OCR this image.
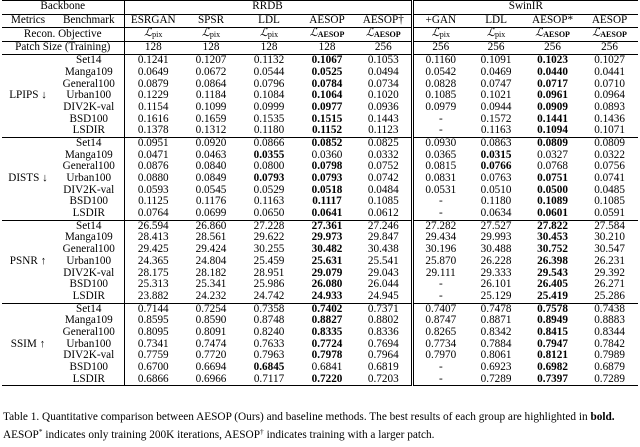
Backbone		RRDB					SwinIR			
Metrics	Benchmark	ESRGAN	SPSR	LDL	AESOP	AESOP†	+GAN	LDL	AESOP*	AESOP
Recon. Objective		ℒpix	ℒpix	ℒpix	ℒAESOP	ℒAESOP	ℒpix	ℒpix	ℒAESOP	ℒAESOP
Patch Size (Training)		128	128	128	128	256	256	256	256	256
LPIPS ↓	Set14	0.1241	0.1207	0.1132	0.1067	0.1053	0.1160	0.1091	0.1023	0.1027
	Manga109	0.0649	0.0672	0.0544	0.0525	0.0494	0.0542	0.0469	0.0440	0.0441
	General100	0.0879	0.0864	0.0796	0.0784	0.0734	0.0828	0.0747	0.0717	0.0710
	Urban100	0.1229	0.1184	0.1084	0.1064	0.1020	0.1085	0.1021	0.0961	0.0964
	DIV2K-val	0.1154	0.1099	0.0999	0.0977	0.0936	0.0979	0.0944	0.0909	0.0893
	BSD100	0.1616	0.1659	0.1535	0.1515	0.1443	-	0.1572	0.1441	0.1436
	LSDIR	0.1378	0.1312	0.1180	0.1152	0.1123	-	0.1163	0.1094	0.1071
DISTS ↓	Set14	0.0951	0.0920	0.0866	0.0852	0.0825	0.0930	0.0863	0.0809	0.0809
	Manga109	0.0471	0.0463	0.0355	0.0360	0.0332	0.0365	0.0315	0.0327	0.0322
	General100	0.0876	0.0840	0.0800	0.0798	0.0752	0.0815	0.0766	0.0768	0.0756
	Urban100	0.0880	0.0849	0.0793	0.0793	0.0742	0.0831	0.0763	0.0751	0.0741
	DIV2K-val	0.0593	0.0545	0.0529	0.0518	0.0484	0.0531	0.0510	0.0500	0.0485
	BSD100	0.1125	0.1176	0.1163	0.1117	0.1085	-	0.1180	0.1089	0.1085
	LSDIR	0.0764	0.0699	0.0650	0.0641	0.0612	-	0.0634	0.0601	0.0591
PSNR ↑	Set14	26.594	26.860	27.228	27.361	27.246	27.282	27.527	27.822	27.584
	Manga109	28.413	28.561	29.622	29.973	29.847	29.434	29.993	30.453	30.210
	General100	29.425	29.424	30.255	30.482	30.438	30.196	30.488	30.752	30.547
	Urban100	24.365	24.804	25.459	25.631	25.541	25.870	26.228	26.398	26.231
	DIV2K-val	28.175	28.182	28.951	29.079	29.043	29.111	29.333	29.543	29.392
	BSD100	25.313	25.341	25.986	26.080	26.044	-	26.101	26.405	26.271
	LSDIR	23.882	24.232	24.742	24.933	24.945	-	25.129	25.419	25.286
SSIM ↑	Set14	0.7144	0.7254	0.7358	0.7402	0.7371	0.7407	0.7478	0.7578	0.7438
	Manga109	0.8595	0.8590	0.8748	0.8827	0.8802	0.8747	0.8871	0.8949	0.8883
	General100	0.8095	0.8091	0.8240	0.8335	0.8336	0.8265	0.8342	0.8415	0.8344
	Urban100	0.7341	0.7474	0.7633	0.7724	0.7694	0.7734	0.7884	0.7947	0.7842
	DIV2K-val	0.7759	0.7720	0.7963	0.7978	0.7964	0.7970	0.8061	0.8121	0.7989
	BSD100	0.6700	0.6694	0.6845	0.6841	0.6819	-	0.6923	0.6982	0.6879
	LSDIR	0.6866	0.6966	0.7117	0.7220	0.7203	-	0.7289	0.7397	0.7289
Table 1. Quantitative comparison between AESOP (Ours) and baseline methods. The best results of each group are highlighted in bold.
AESOP* indicates only training 200K iterations, AESOP† indicates training with a larger patch.
